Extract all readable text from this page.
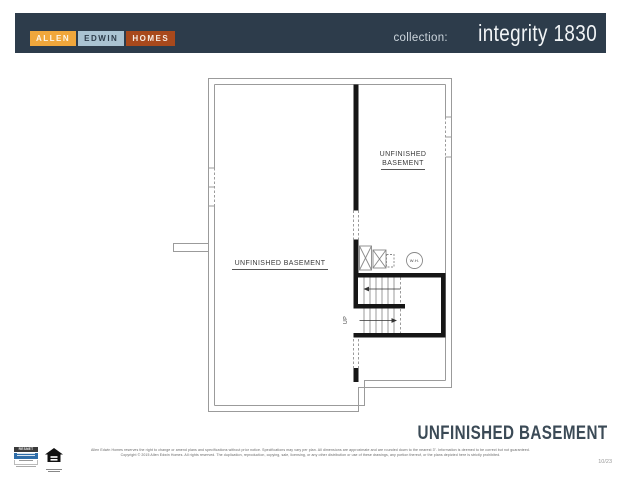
ALLEN	EDWIN	HOMES	collection: integrity 1830
UNFINISHED BASEMENT
UNFINISHED
BASEMENT
W.H.
UP
UNFINISHED BASEMENT
Allen Edwin Homes reserves the right to change or amend plans and specifications without prior notice. Specifications may vary per plan. All dimensions are approximate and are rounded down to the nearest 3". Information is deemed to be correct but not guaranteed.
Copyright © 2015 Allen Edwin Homes. All rights reserved. The duplication, reproduction, copying, sale, licensing, or any other distribution or use of these drawings, any portion thereof, or the plans depicted here is strictly prohibited.
RESNET
10/23
